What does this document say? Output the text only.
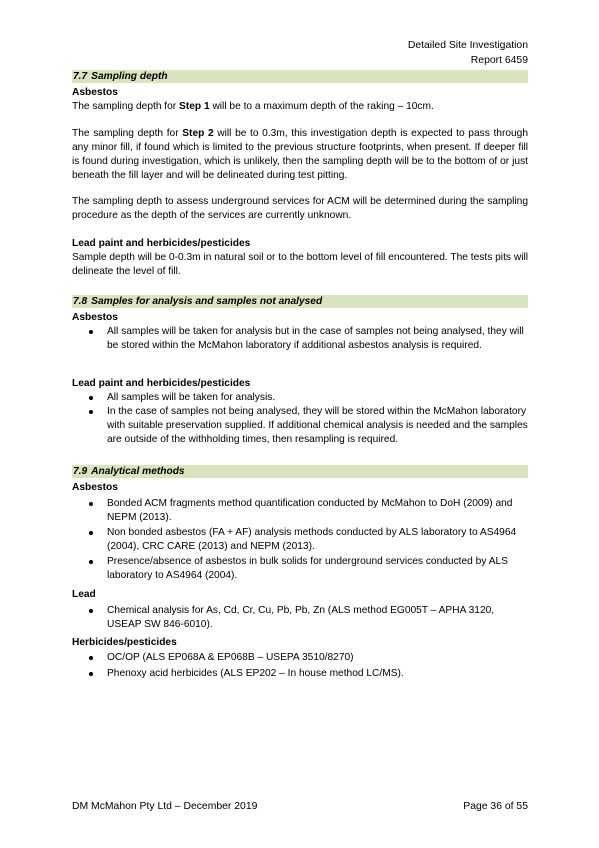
Detailed Site Investigation
Report 6459
7.7 Sampling depth
Asbestos

The sampling depth for Step 1 will be to a maximum depth of the raking – 10cm.

The sampling depth for Step 2 will be to 0.3m, this investigation depth is expected to pass through any minor fill, if found which is limited to the previous structure footprints, when present. If deeper fill is found during investigation, which is unlikely, then the sampling depth will be to the bottom of or just beneath the fill layer and will be delineated during test pitting.

The sampling depth to assess underground services for ACM will be determined during the sampling procedure as the depth of the services are currently unknown.

Lead paint and herbicides/pesticides

Sample depth will be 0-0.3m in natural soil or to the bottom level of fill encountered. The tests pits will delineate the level of fill.

7.8 Samples for analysis and samples not analysed
Asbestos
All samples will be taken for analysis but in the case of samples not being analysed, they will be stored within the McMahon laboratory if additional asbestos analysis is required.
Lead paint and herbicides/pesticides
All samples will be taken for analysis.
In the case of samples not being analysed, they will be stored within the McMahon laboratory with suitable preservation supplied. If additional chemical analysis is needed and the samples are outside of the withholding times, then resampling is required.
7.9 Analytical methods
Asbestos
Bonded ACM fragments method quantification conducted by McMahon to DoH (2009) and NEPM (2013).
Non bonded asbestos (FA + AF) analysis methods conducted by ALS laboratory to AS4964 (2004), CRC CARE (2013) and NEPM (2013).
Presence/absence of asbestos in bulk solids for underground services conducted by ALS laboratory to AS4964 (2004).
Lead
Chemical analysis for As, Cd, Cr, Cu, Pb, Pb, Zn (ALS method EG005T – APHA 3120, USEAP SW 846-6010).
Herbicides/pesticides
OC/OP (ALS EP068A & EP068B – USEPA 3510/8270)
Phenoxy acid herbicides (ALS EP202 – In house method LC/MS).
DM McMahon Pty Ltd – December 2019	Page 36 of 55
